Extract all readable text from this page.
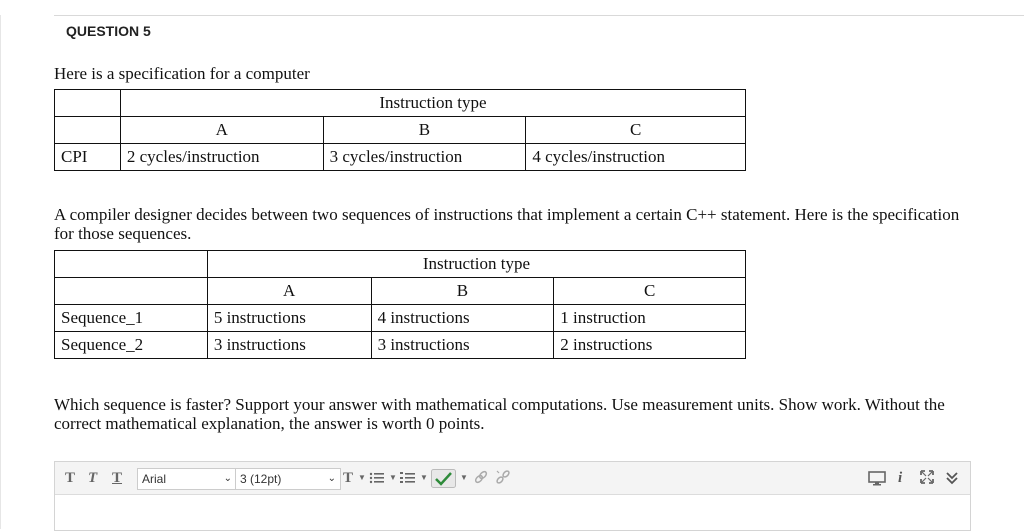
QUESTION 5
Here is a specification for a computer
	Instruction type		
	A	B	C
CPI	2 cycles/instruction	3 cycles/instruction	4 cycles/instruction
A compiler designer decides between two sequences of instructions that implement a certain C++ statement. Here is the specification for those sequences.
	Instruction type		
	A	B	C
Sequence_1	5 instructions	4 instructions	1 instruction
Sequence_2	3 instructions	3 instructions	2 instructions
Which sequence is faster? Support your answer with mathematical computations. Use measurement units. Show work. Without the correct mathematical explanation, the answer is worth 0 points.
T T T	Arial	⌄ 3 (12pt)	⌄ T ▼	▼	▼	▼	i
